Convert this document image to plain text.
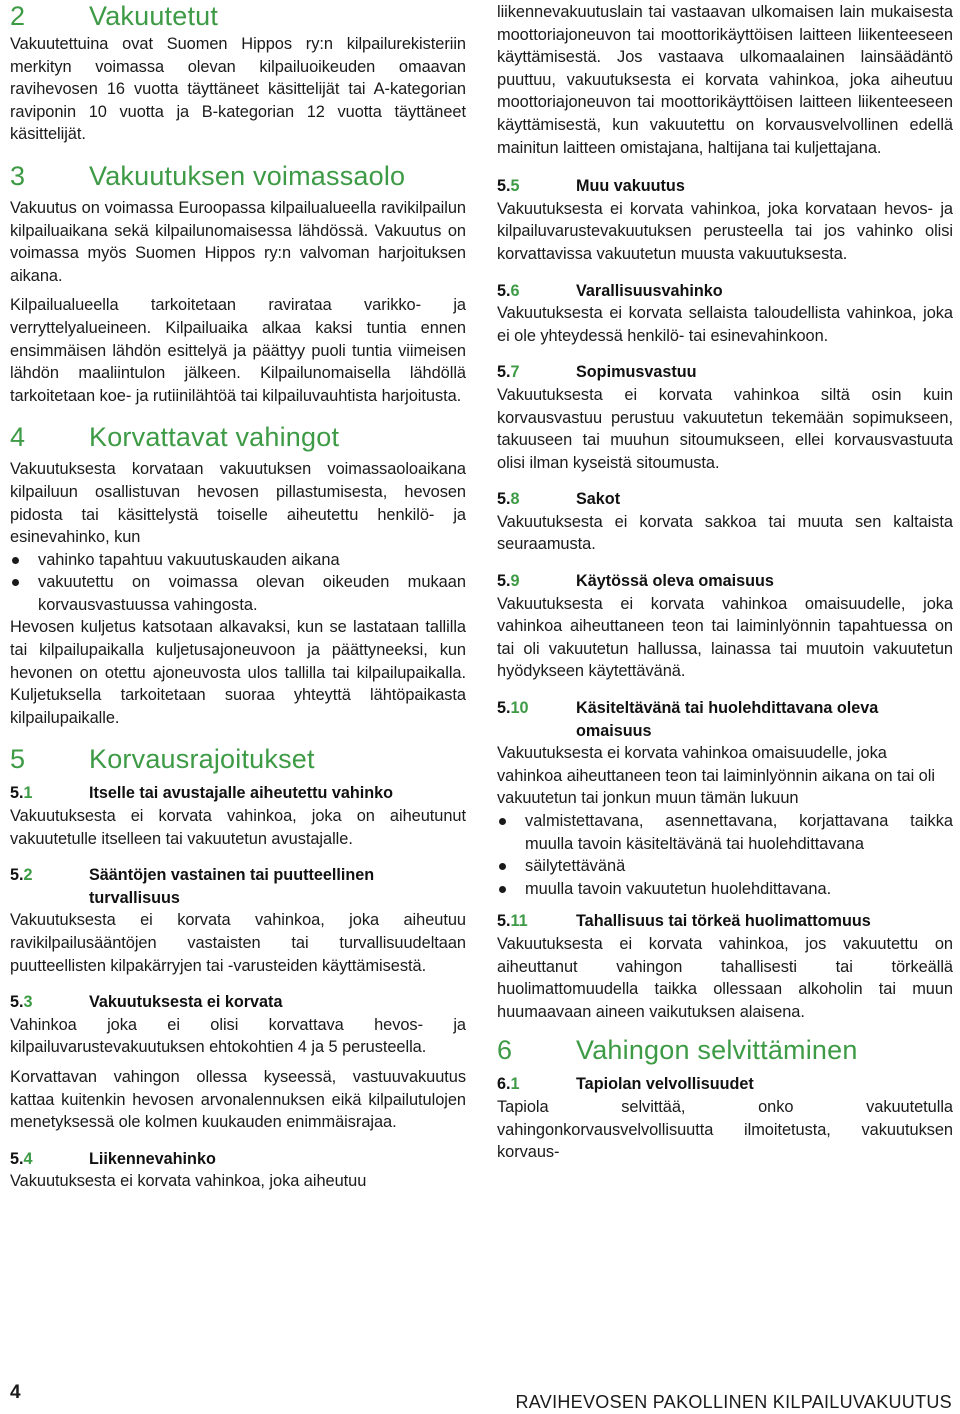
2 Vakuutetut

Vakuutettuina ovat Suomen Hippos ry:n kilpailurekisteriin merkityn voimassa olevan kilpailuoikeuden omaavan ravihevosen 16 vuotta täyttäneet käsittelijät tai A-kategorian raviponin 10 vuotta ja B-kategorian 12 vuotta täyttäneet käsittelijät.

3 Vakuutuksen voimassaolo

Vakuutus on voimassa Euroopassa kilpailualueella ravikilpailun kilpailuaikana sekä kilpailunomaisessa lähdössä. Vakuutus on voimassa myös Suomen Hippos ry:n valvoman harjoituksen aikana.

Kilpailualueella tarkoitetaan ravirataa varikko- ja verryttelyalueineen. Kilpailuaika alkaa kaksi tuntia ennen ensimmäisen lähdön esittelyä ja päättyy puoli tuntia viimeisen lähdön maaliintulon jälkeen. Kilpailunomaisella lähdöllä tarkoitetaan koe- ja rutiinilähtöä tai kilpailuvauhtista harjoitusta.

4 Korvattavat vahingot

Vakuutuksesta korvataan vakuutuksen voimassaoloaikana kilpailuun osallistuvan hevosen pillastumisesta, hevosen pidosta tai käsittelystä toiselle aiheutettu henkilö- ja esinevahinko, kun

vahinko tapahtuu vakuutuskauden aikana
vakuutettu on voimassa olevan oikeuden mukaan korvausvastuussa vahingosta.

Hevosen kuljetus katsotaan alkavaksi, kun se lastataan tallilla tai kilpailupaikalla kuljetusajoneuvoon ja päättyneeksi, kun hevonen on otettu ajoneuvosta ulos tallilla tai kilpailupaikalla. Kuljetuksella tarkoitetaan suoraa yhteyttä lähtöpaikasta kilpailupaikalle.

5 Korvausrajoitukset
5.1	Itselle tai avustajalle aiheutettu vahinko

Vakuutuksesta ei korvata vahinkoa, joka on aiheutunut vakuutetulle itselleen tai vakuutetun avustajalle.

5.2	Sääntöjen vastainen tai puutteellinen turvallisuus

Vakuutuksesta ei korvata vahinkoa, joka aiheutuu ravikilpailusääntöjen vastaisten tai turvallisuudeltaan puutteellisten kilpakärryjen tai -varusteiden käyttämisestä.

5.3	Vakuutuksesta ei korvata

Vahinkoa joka ei olisi korvattava hevos- ja kilpailuvarustevakuutuksen ehtokohtien 4 ja 5 perusteella.

Korvattavan vahingon ollessa kyseessä, vastuuvakuutus kattaa kuitenkin hevosen arvonalennuksen eikä kilpailutulojen menetyksessä ole kolmen kuukauden enimmäisrajaa.

5.4	Liikennevahinko

Vakuutuksesta ei korvata vahinkoa, joka aiheutuu

liikennevakuutuslain tai vastaavan ulkomaisen lain mukaisesta moottoriajoneuvon tai moottorikäyttöisen laitteen liikenteeseen käyttämisestä. Jos vastaava ulkomaalainen lainsäädäntö puuttuu, vakuutuksesta ei korvata vahinkoa, joka aiheutuu moottoriajoneuvon tai moottorikäyttöisen laitteen liikenteeseen käyttämisestä, kun vakuutettu on korvausvelvollinen edellä mainitun laitteen omistajana, haltijana tai kuljettajana.

5.5	Muu vakuutus

Vakuutuksesta ei korvata vahinkoa, joka korvataan hevos- ja kilpailuvarustevakuutuksen perusteella tai jos vahinko olisi korvattavissa vakuutetun muusta vakuutuksesta.

5.6	Varallisuusvahinko

Vakuutuksesta ei korvata sellaista taloudellista vahinkoa, joka ei ole yhteydessä henkilö- tai esinevahinkoon.

5.7	Sopimusvastuu

Vakuutuksesta ei korvata vahinkoa siltä osin kuin korvausvastuu perustuu vakuutetun tekemään sopimukseen, takuuseen tai muuhun sitoumukseen, ellei korvausvastuuta olisi ilman kyseistä sitoumusta.

5.8	Sakot

Vakuutuksesta ei korvata sakkoa tai muuta sen kaltaista seuraamusta.

5.9	Käytössä oleva omaisuus

Vakuutuksesta ei korvata vahinkoa omaisuudelle, joka vahinkoa aiheuttaneen teon tai laiminlyönnin tapahtuessa on tai oli vakuutetun hallussa, lainassa tai muutoin vakuutetun hyödykseen käytettävänä.

5.10	Käsiteltävänä tai huolehdittavana oleva omaisuus

Vakuutuksesta ei korvata vahinkoa omaisuudelle, joka vahinkoa aiheuttaneen teon tai laiminlyönnin aikana on tai oli vakuutetun tai jonkun muun tämän lukuun

valmistettavana, asennettavana, korjattavana taikka muulla tavoin käsiteltävänä tai huolehdittavana
säilytettävänä
muulla tavoin vakuutetun huolehdittavana.
5.11	Tahallisuus tai törkeä huolimattomuus

Vakuutuksesta ei korvata vahinkoa, jos vakuutettu on aiheuttanut vahingon tahallisesti tai törkeällä huolimattomuudella taikka ollessaan alkoholin tai muun huumaavaan aineen vaikutuksen alaisena.

6 Vahingon selvittäminen
6.1	Tapiolan velvollisuudet

Tapiola selvittää, onko vakuutetulla vahingonkorvausvelvollisuutta ilmoitetusta, vakuutuksen korvaus-

4	RAVIHEVOSEN PAKOLLINEN KILPAILUVAKUUTUS
